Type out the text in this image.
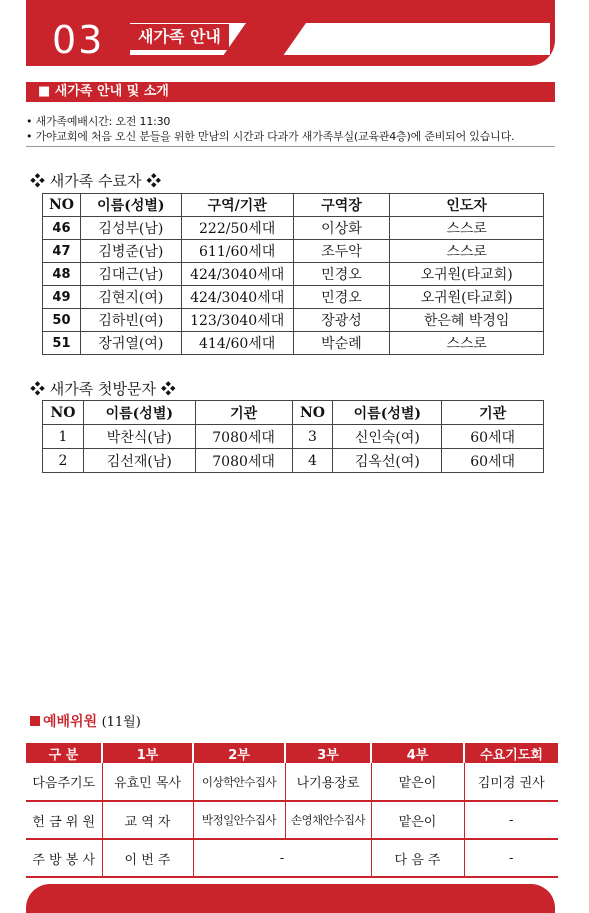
03	새가족 안내
■ 새가족 안내 및 소개
• 새가족예배시간: 오전 11:30
• 가야교회에 처음 오신 분들을 위한 만남의 시간과 다과가 새가족부실(교육관4층)에 준비되어 있습니다.
❖ 새가족 수료자 ❖
NO	이름(성별)	구역/기관	구역장	인도자
46	김성부(남)	222/50세대	이상화	스스로
47	김병준(남)	611/60세대	조두악	스스로
48	김대근(남)	424/3040세대	민경오	오귀원(타교회)
49	김현지(여)	424/3040세대	민경오	오귀원(타교회)
50	김하빈(여)	123/3040세대	장광성	한은혜 박경임
51	장귀열(여)	414/60세대	박순례	스스로
❖ 새가족 첫방문자 ❖
NO	이름(성별)	기관	NO	이름(성별)	기관
1	박찬식(남)	7080세대	3	신인숙(여)	60세대
2	김선재(남)	7080세대	4	김옥선(여)	60세대
예배위원 (11월)
구 분	1부	2부	3부	4부	수요기도회
다음주기도	유효민 목사	이상학안수집사	나기용장로	맡은이	김미경 권사
헌 금 위 원	교 역 자	박정일안수집사	손영채안수집사	맡은이	-
주 방 봉 사	이 번 주	-		다 음 주	-
